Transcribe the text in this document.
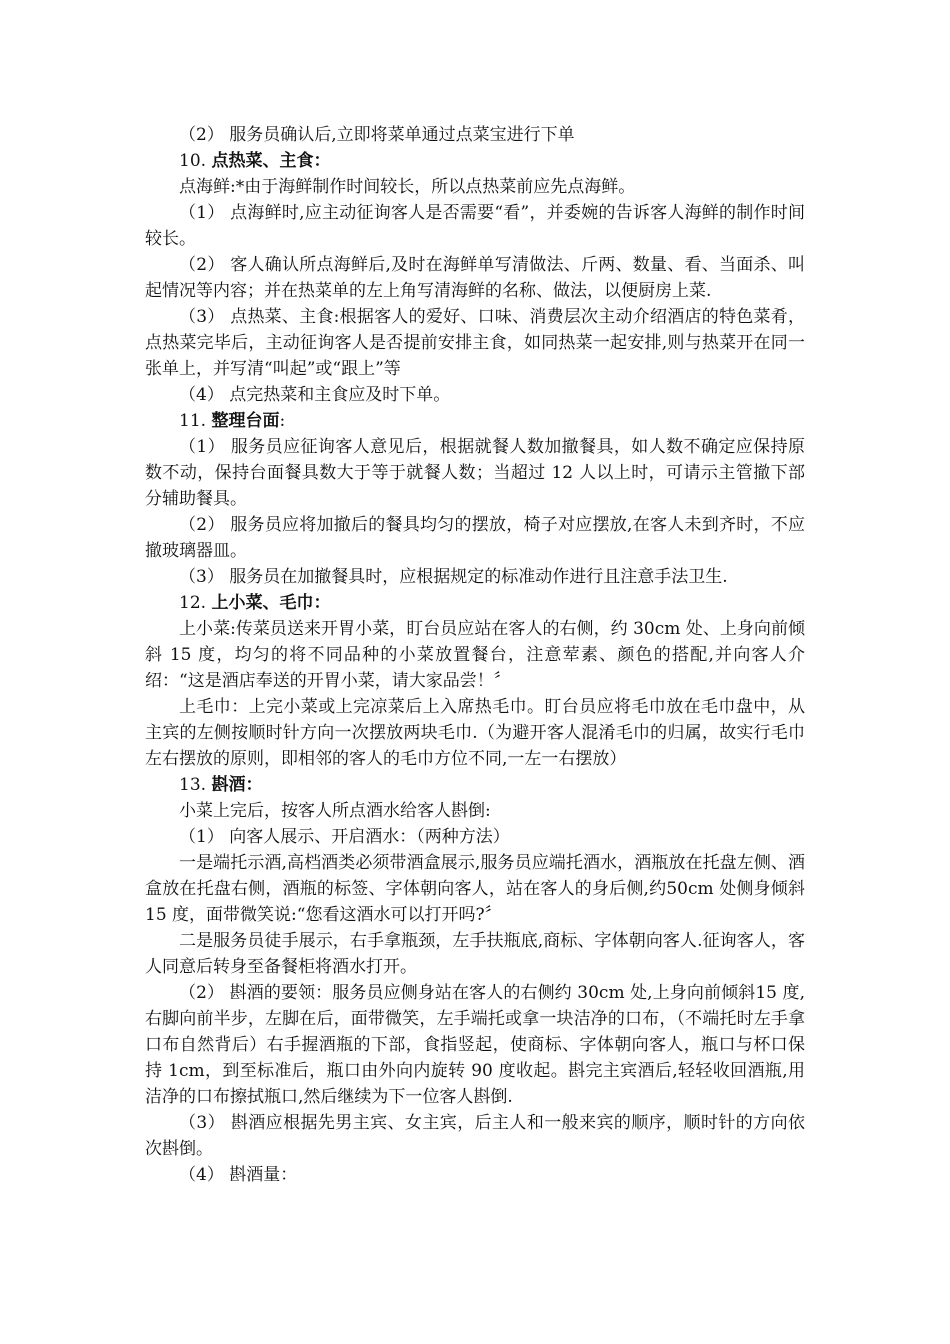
（2） 服务员确认后,立即将菜单通过点菜宝进行下单

10. 点热菜、主食：

点海鲜:*由于海鲜制作时间较长，所以点热菜前应先点海鲜。

（1） 点海鲜时,应主动征询客人是否需要“看”，并委婉的告诉客人海鲜的制作时间较长。

（2） 客人确认所点海鲜后,及时在海鲜单写清做法、斤两、数量、看、当面杀、叫起情况等内容；并在热菜单的左上角写清海鲜的名称、做法，以便厨房上菜.

（3） 点热菜、主食:根据客人的爱好、口味、消费层次主动介绍酒店的特色菜肴，点热菜完毕后，主动征询客人是否提前安排主食，如同热菜一起安排,则与热菜开在同一张单上，并写清“叫起”或“跟上”等

（4） 点完热菜和主食应及时下单。

11. 整理台面:

（1） 服务员应征询客人意见后，根据就餐人数加撤餐具，如人数不确定应保持原数不动，保持台面餐具数大于等于就餐人数；当超过 12 人以上时，可请示主管撤下部分辅助餐具。

（2） 服务员应将加撤后的餐具均匀的摆放，椅子对应摆放,在客人未到齐时，不应撤玻璃器皿。

（3） 服务员在加撤餐具时，应根据规定的标准动作进行且注意手法卫生.

12. 上小菜、毛巾：

上小菜:传菜员送来开胃小菜，盯台员应站在客人的右侧，约 30cm 处、上身向前倾斜 15 度，均匀的将不同品种的小菜放置餐台，注意荤素、颜色的搭配,并向客人介绍：“这是酒店奉送的开胃小菜，请大家品尝！〞

上毛巾：上完小菜或上完凉菜后上入席热毛巾。盯台员应将毛巾放在毛巾盘中，从主宾的左侧按顺时针方向一次摆放两块毛巾.（为避开客人混淆毛巾的归属，故实行毛巾左右摆放的原则，即相邻的客人的毛巾方位不同,一左一右摆放）

13. 斟酒：

小菜上完后，按客人所点酒水给客人斟倒:

（1） 向客人展示、开启酒水：（两种方法）

一是端托示酒,高档酒类必须带酒盒展示,服务员应端托酒水，酒瓶放在托盘左侧、酒盒放在托盘右侧，酒瓶的标签、字体朝向客人，站在客人的身后侧,约50cm 处侧身倾斜 15 度，面带微笑说:“您看这酒水可以打开吗?〞

二是服务员徒手展示，右手拿瓶颈，左手扶瓶底,商标、字体朝向客人.征询客人，客人同意后转身至备餐柜将酒水打开。

（2） 斟酒的要领：服务员应侧身站在客人的右侧约 30cm 处,上身向前倾斜15 度,右脚向前半步，左脚在后，面带微笑，左手端托或拿一块洁净的口布，（不端托时左手拿口布自然背后）右手握酒瓶的下部，食指竖起，使商标、字体朝向客人，瓶口与杯口保持 1cm，到至标准后，瓶口由外向内旋转 90 度收起。斟完主宾酒后,轻轻收回酒瓶,用洁净的口布擦拭瓶口,然后继续为下一位客人斟倒.

（3） 斟酒应根据先男主宾、女主宾，后主人和一般来宾的顺序，顺时针的方向依次斟倒。

（4） 斟酒量：
